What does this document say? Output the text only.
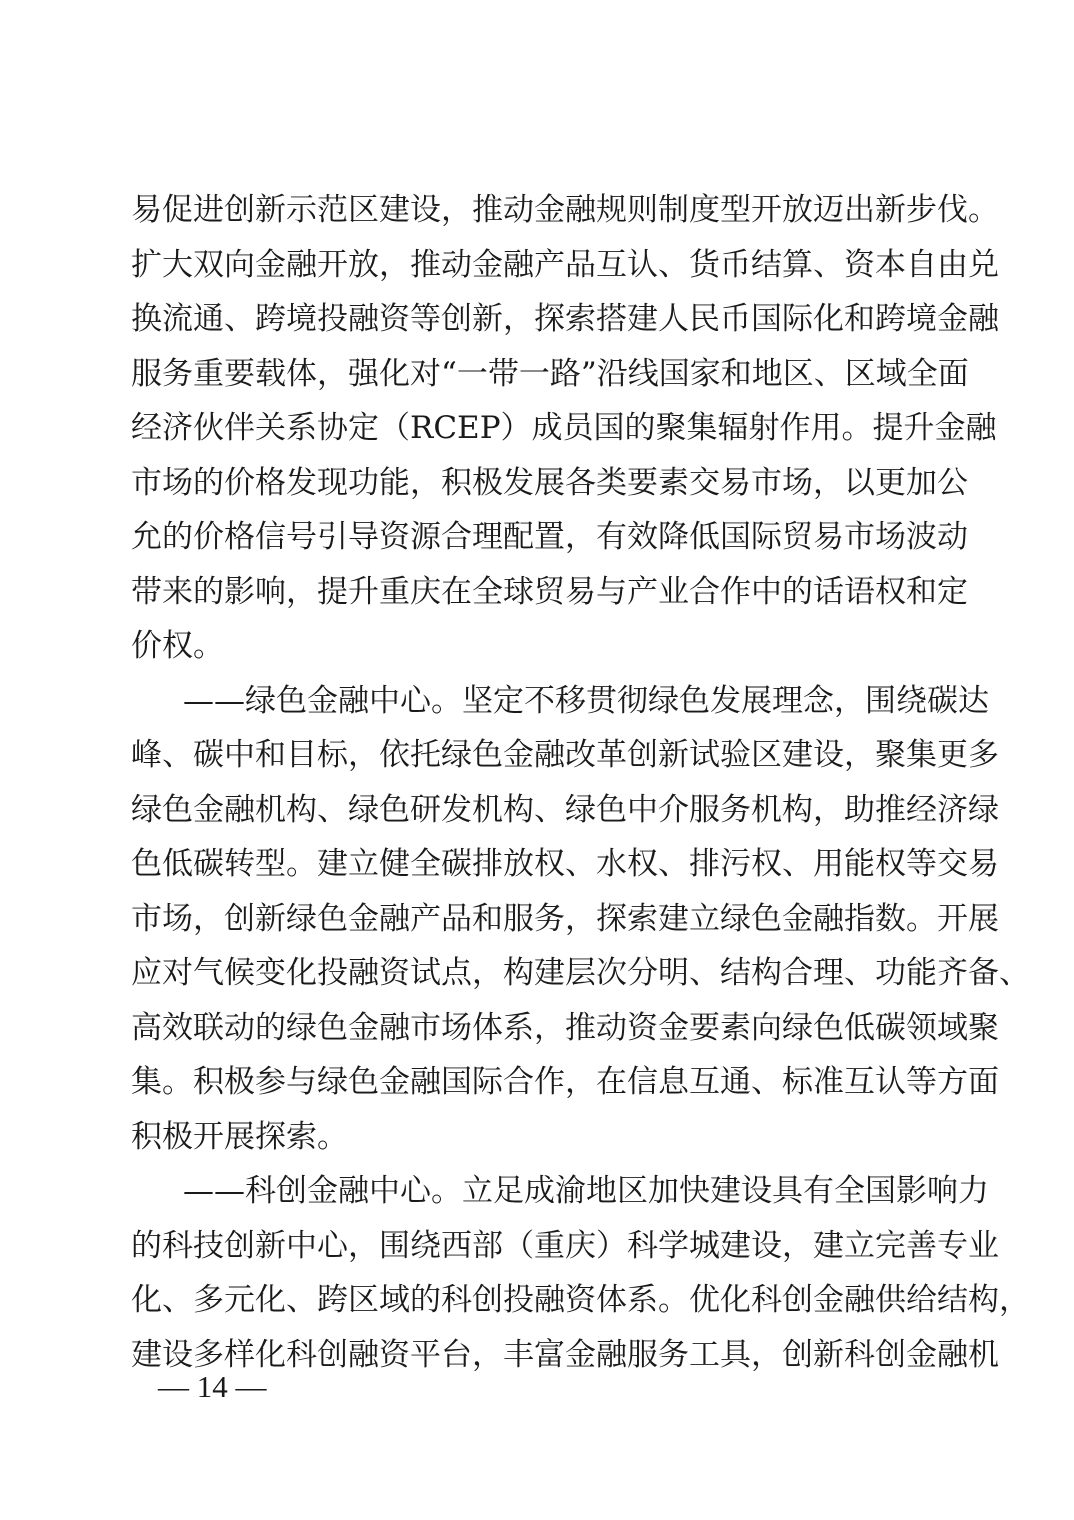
易促进创新示范区建设，推动金融规则制度型开放迈出新步伐。
扩大双向金融开放，推动金融产品互认、货币结算、资本自由兑
换流通、跨境投融资等创新，探索搭建人民币国际化和跨境金融
服务重要载体，强化对“一带一路”沿线国家和地区、区域全面
经济伙伴关系协定（RCEP）成员国的聚集辐射作用。提升金融
市场的价格发现功能，积极发展各类要素交易市场，以更加公
允的价格信号引导资源合理配置，有效降低国际贸易市场波动
带来的影响，提升重庆在全球贸易与产业合作中的话语权和定
价权。
——绿色金融中心。坚定不移贯彻绿色发展理念，围绕碳达
峰、碳中和目标，依托绿色金融改革创新试验区建设，聚集更多
绿色金融机构、绿色研发机构、绿色中介服务机构，助推经济绿
色低碳转型。建立健全碳排放权、水权、排污权、用能权等交易
市场，创新绿色金融产品和服务，探索建立绿色金融指数。开展
应对气候变化投融资试点，构建层次分明、结构合理、功能齐备、
高效联动的绿色金融市场体系，推动资金要素向绿色低碳领域聚
集。积极参与绿色金融国际合作，在信息互通、标准互认等方面
积极开展探索。
——科创金融中心。立足成渝地区加快建设具有全国影响力
的科技创新中心，围绕西部（重庆）科学城建设，建立完善专业
化、多元化、跨区域的科创投融资体系。优化科创金融供给结构，
建设多样化科创融资平台，丰富金融服务工具，创新科创金融机
— 14 —
